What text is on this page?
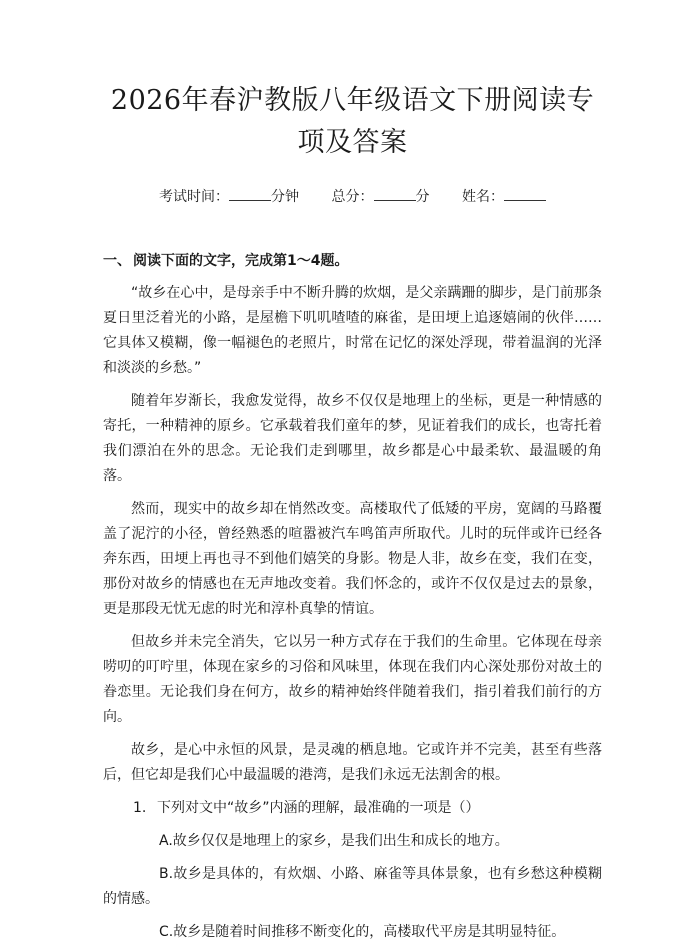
2026年春沪教版八年级语文下册阅读专项及答案
考试时间：	分钟 总分：	分 姓名：
一、 阅读下面的文字，完成第1～4题。

“故乡在心中，是母亲手中不断升腾的炊烟，是父亲蹒跚的脚步，是门前那条夏日里泛着光的小路，是屋檐下叽叽喳喳的麻雀，是田埂上追逐嬉闹的伙伴……它具体又模糊，像一幅褪色的老照片，时常在记忆的深处浮现，带着温润的光泽和淡淡的乡愁。”

随着年岁渐长，我愈发觉得，故乡不仅仅是地理上的坐标，更是一种情感的寄托，一种精神的原乡。它承载着我们童年的梦，见证着我们的成长，也寄托着我们漂泊在外的思念。无论我们走到哪里，故乡都是心中最柔软、最温暖的角落。

然而，现实中的故乡却在悄然改变。高楼取代了低矮的平房，宽阔的马路覆盖了泥泞的小径，曾经熟悉的喧嚣被汽车鸣笛声所取代。儿时的玩伴或许已经各奔东西，田埂上再也寻不到他们嬉笑的身影。物是人非，故乡在变，我们在变，那份对故乡的情感也在无声地改变着。我们怀念的，或许不仅仅是过去的景象，更是那段无忧无虑的时光和淳朴真挚的情谊。

但故乡并未完全消失，它以另一种方式存在于我们的生命里。它体现在母亲唠叨的叮咛里，体现在家乡的习俗和风味里，体现在我们内心深处那份对故土的眷恋里。无论我们身在何方，故乡的精神始终伴随着我们，指引着我们前行的方向。

故乡，是心中永恒的风景，是灵魂的栖息地。它或许并不完美，甚至有些落后，但它却是我们心中最温暖的港湾，是我们永远无法割舍的根。

1. 下列对文中“故乡”内涵的理解，最准确的一项是（）

A.故乡仅仅是地理上的家乡，是我们出生和成长的地方。

B.故乡是具体的，有炊烟、小路、麻雀等具体景象，也有乡愁这种模糊的情感。

C.故乡是随着时间推移不断变化的，高楼取代平房是其明显特征。
